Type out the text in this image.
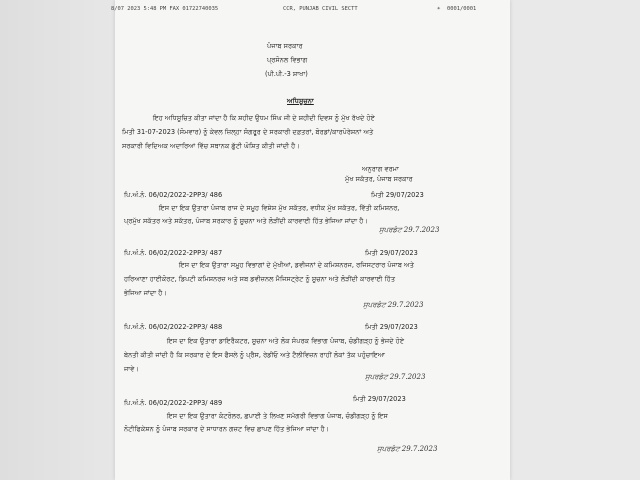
8/07 2023 5:48 PM FAX 01722740035	CCR, PUNJAB CIVIL SECTT	☀ 0001/0001
ਪੰਜਾਬ ਸਰਕਾਰ
ਪ੍ਰਸੋਨਲ ਵਿਭਾਗ
(ਪੀ.ਪੀ.-3 ਸ਼ਾਖਾ)
ਅਧਿਸੂਚਨਾ
ਇਹ ਅਧਿਸੂਚਿਤ ਕੀਤਾ ਜਾਂਦਾ ਹੈ ਕਿ ਸ਼ਹੀਦ ਉਧਮ ਸਿੰਘ ਜੀ ਦੇ ਸ਼ਹੀਦੀ ਦਿਵਸ ਨੂੰ ਮੁੱਖ ਰੱਖਦੇ ਹੋਏ
ਮਿਤੀ 31-07-2023 (ਸੋਮਵਾਰ) ਨੂੰ ਕੇਵਲ ਜ਼ਿਲ੍ਹਾ ਸੰਗਰੂਰ ਦੇ ਸਰਕਾਰੀ ਦਫ਼ਤਰਾਂ, ਬੋਰਡਾਂ/ਕਾਰਪੋਰੇਸ਼ਨਾਂ ਅਤੇ
ਸਰਕਾਰੀ ਵਿਦਿਅਕ ਅਦਾਰਿਆਂ ਵਿੱਚ ਸਥਾਨਕ ਛੁੱਟੀ ਘੋਸ਼ਿਤ ਕੀਤੀ ਜਾਂਦੀ ਹੈ।
ਅਨੁਰਾਗ ਵਰਮਾ
ਮੁੱਖ ਸਕੱਤਰ, ਪੰਜਾਬ ਸਰਕਾਰ
ਪਿ.ਅੰ.ਨੰ. 06/02/2022-2PP3/ 486	ਮਿਤੀ 29/07/2023
ਇਸ ਦਾ ਇਕ ਉਤਾਰਾ ਪੰਜਾਬ ਰਾਜ ਦੇ ਸਮੂਹ ਵਿਸ਼ੇਸ਼ ਮੁੱਖ ਸਕੱਤਰ, ਵਧੀਕ ਮੁੱਖ ਸਕੱਤਰ, ਵਿੱਤੀ ਕਮਿਸ਼ਨਰ,
ਪ੍ਰਮੁੱਖ ਸਕੱਤਰ ਅਤੇ ਸਕੱਤਰ, ਪੰਜਾਬ ਸਰਕਾਰ ਨੂੰ ਸੂਚਨਾ ਅਤੇ ਲੋੜੀਂਦੀ ਕਾਰਵਾਈ ਹਿੱਤ ਭੇਜਿਆ ਜਾਂਦਾ ਹੈ।
ਸੁਪਰਡੰਟ 29.7.2023
ਪਿ.ਅੰ.ਨੰ. 06/02/2022-2PP3/ 487	ਮਿਤੀ 29/07/2023
ਇਸ ਦਾ ਇਕ ਉਤਾਰਾ ਸਮੂਹ ਵਿਭਾਗਾਂ ਦੇ ਮੁੱਖੀਆਂ, ਡਵੀਜਨਾਂ ਦੇ ਕਮਿਸ਼ਨਰਜ, ਰਜਿਸਟਰਾਰ ਪੰਜਾਬ ਅਤੇ
ਹਰਿਆਣਾ ਹਾਈਕੋਰਟ, ਡਿਪਟੀ ਕਮਿਸ਼ਨਰਜ਼ ਅਤੇ ਸਬ ਡਵੀਜ਼ਨਲ ਮੈਜਿਸਟ੍ਰੇਟ ਨੂੰ ਸੂਚਨਾ ਅਤੇ ਲੋੜੀਂਦੀ ਕਾਰਵਾਈ ਹਿੱਤ
ਭੇਜਿਆ ਜਾਂਦਾ ਹੈ।
ਸੁਪਰਡੰਟ 29.7.2023
ਪਿ.ਅੰ.ਨੰ. 06/02/2022-2PP3/ 488	ਮਿਤੀ 29/07/2023
ਇਸ ਦਾ ਇਕ ਉਤਾਰਾ ਡਾਇਰੈਕਟਰ, ਸੂਚਨਾ ਅਤੇ ਲੋਕ ਸੰਪਰਕ ਵਿਭਾਗ ਪੰਜਾਬ, ਚੰਡੀਗੜ੍ਹ ਨੂੰ ਭੇਜਦੇ ਹੋਏ
ਬੇਨਤੀ ਕੀਤੀ ਜਾਂਦੀ ਹੈ ਕਿ ਸਰਕਾਰ ਦੇ ਇਸ ਫੈਸਲੇ ਨੂੰ ਪ੍ਰੈਸ, ਰੇਡੀਓ ਅਤੇ ਟੈਲੀਵਿਜ਼ਨ ਰਾਹੀਂ ਲੋਕਾਂ ਤੱਕ ਪਹੁੰਚਾਇਆ
ਜਾਵੇ।
ਸੁਪਰਡੰਟ 29.7.2023
ਪਿ.ਅੰ.ਨੰ. 06/02/2022-2PP3/ 489	ਮਿਤੀ 29/07/2023
ਇਸ ਦਾ ਇਕ ਉਤਾਰਾ ਕੰਟਰੋਲਰ, ਛਪਾਈ ਤੇ ਲਿਖਣ ਸਮੱਗਰੀ ਵਿਭਾਗ ਪੰਜਾਬ, ਚੰਡੀਗੜ੍ਹ ਨੂੰ ਇਸ
ਨੋਟੀਫਿਕੇਸ਼ਨ ਨੂੰ ਪੰਜਾਬ ਸਰਕਾਰ ਦੇ ਸਾਧਾਰਨ ਗਜ਼ਟ ਵਿਚ ਛਾਪਣ ਹਿੱਤ ਭੇਜਿਆ ਜਾਂਦਾ ਹੈ।
ਸੁਪਰਡੰਟ 29.7.2023
